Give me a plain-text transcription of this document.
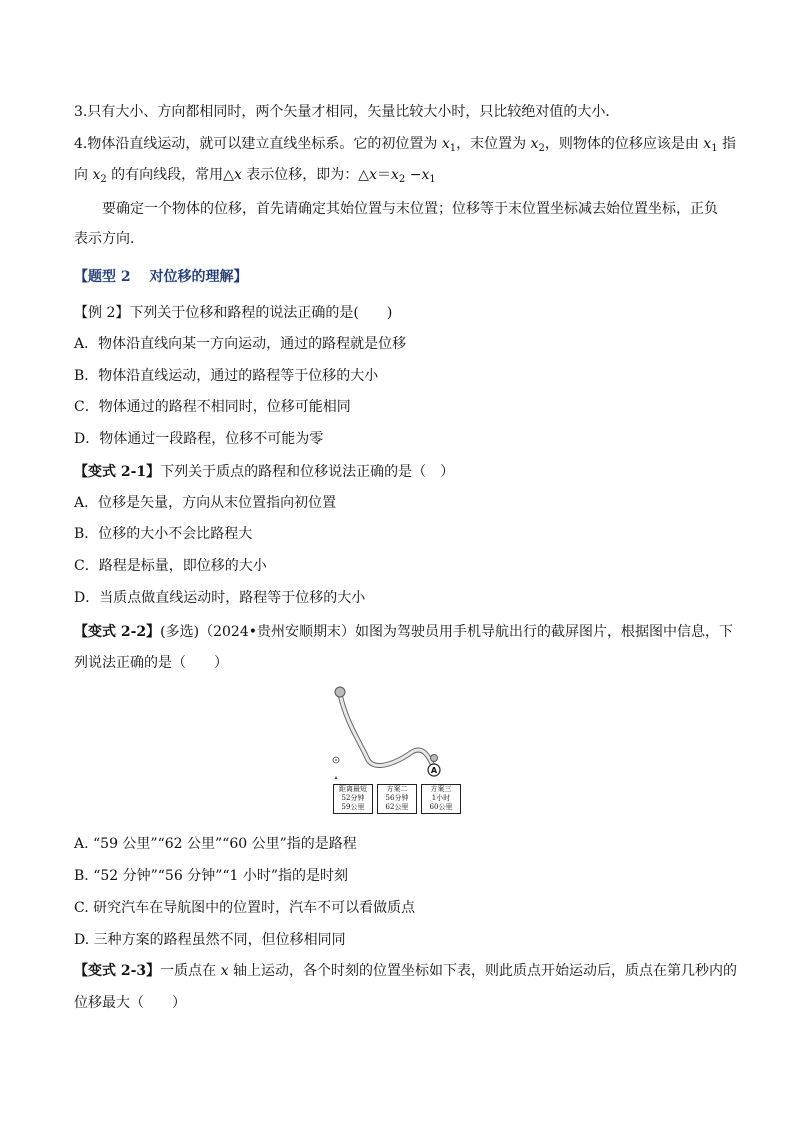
3.只有大小、方向都相同时，两个矢量才相同，矢量比较大小时，只比较绝对值的大小．
4.物体沿直线运动，就可以建立直线坐标系。它的初位置为 $x_1$，末位置为 $x_2$，则物体的位移应该是由 $x_1$ 指
向 $x_2$ 的有向线段，常用△x 表示位移，即为：$\triangle x=x_2 -x_1$
要确定一个物体的位移，首先请确定其始位置与末位置；位移等于末位置坐标减去始位置坐标，正负
表示方向．
【题型 2　 对位移的理解】
【例 2】下列关于位移和路程的说法正确的是(　　)
A．物体沿直线向某一方向运动，通过的路程就是位移
B．物体沿直线运动，通过的路程等于位移的大小
C．物体通过的路程不相同时，位移可能相同
D．物体通过一段路程，位移不可能为零
【变式 2-1】下列关于质点的路程和位移说法正确的是（　）
A．位移是矢量，方向从末位置指向初位置
B．位移的大小不会比路程大
C．路程是标量，即位移的大小
D．当质点做直线运动时，路程等于位移的大小
【变式 2-2】(多选)（2024•贵州安顺期末）如图为驾驶员用手机导航出行的截屏图片，根据图中信息，下
列说法正确的是（　　）
A
距离最短
52分钟
59公里
方案二
56分钟
62公里
方案三
1小时
60公里
A. “59 公里”“62 公里”“60 公里”指的是路程
B. “52 分钟”“56 分钟”“1 小时”指的是时刻
C. 研究汽车在导航图中的位置时，汽车不可以看做质点
D. 三种方案的路程虽然不同，但位移相同同
【变式 2-3】一质点在 x 轴上运动，各个时刻的位置坐标如下表，则此质点开始运动后，质点在第几秒内的
位移最大（　　）
